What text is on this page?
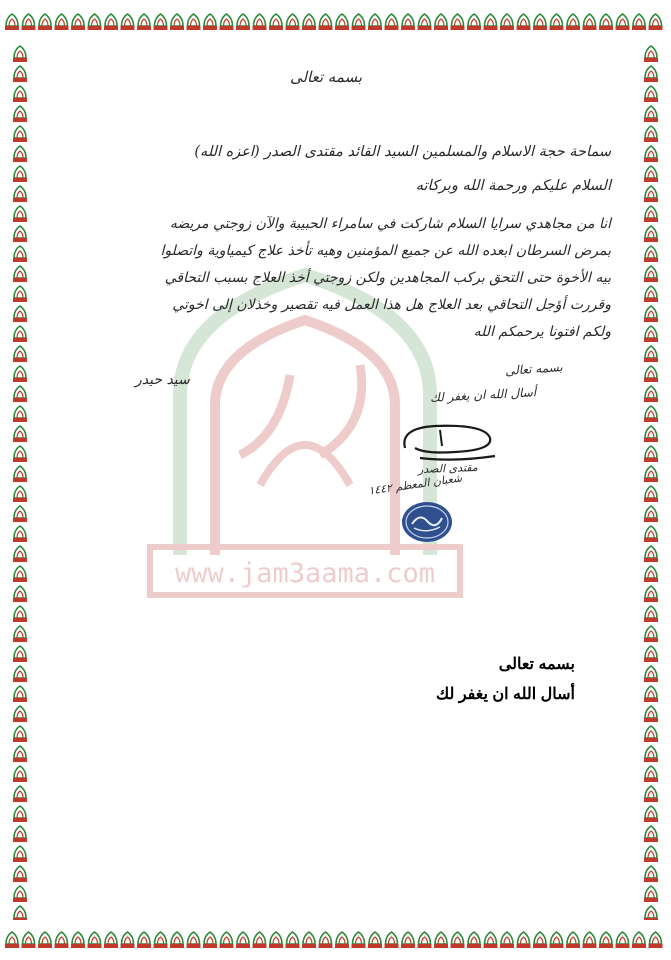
www.jam3aama.com
بسمه تعالى
سماحة حجة الاسلام والمسلمين السيد القائد مقتدى الصدر (اعزه الله)
السلام عليكم ورحمة الله وبركاته
انا من مجاهدي سرايا السلام شاركت في سامراء الحبيبة والآن زوجتي مريضه
بمرض السرطان ابعده الله عن جميع المؤمنين وهيه تأخذ علاج كيمياوية واتصلوا
بيه الأخوة حتى التحق بركب المجاهدين ولكن زوجتي أخذ العلاج بسبب التحاقي
وقررت أؤجل التحاقي بعد العلاج هل هذا العمل فيه تقصير وخذلان إلى اخوتي
ولكم افتونا يرحمكم الله
سيد حيدر
بسمه تعالى
أسال الله ان يغفر لك
مقتدى الصدر
شعبان المعظم ١٤٤٢
بسمه تعالى
أسال الله ان يغفر لك
